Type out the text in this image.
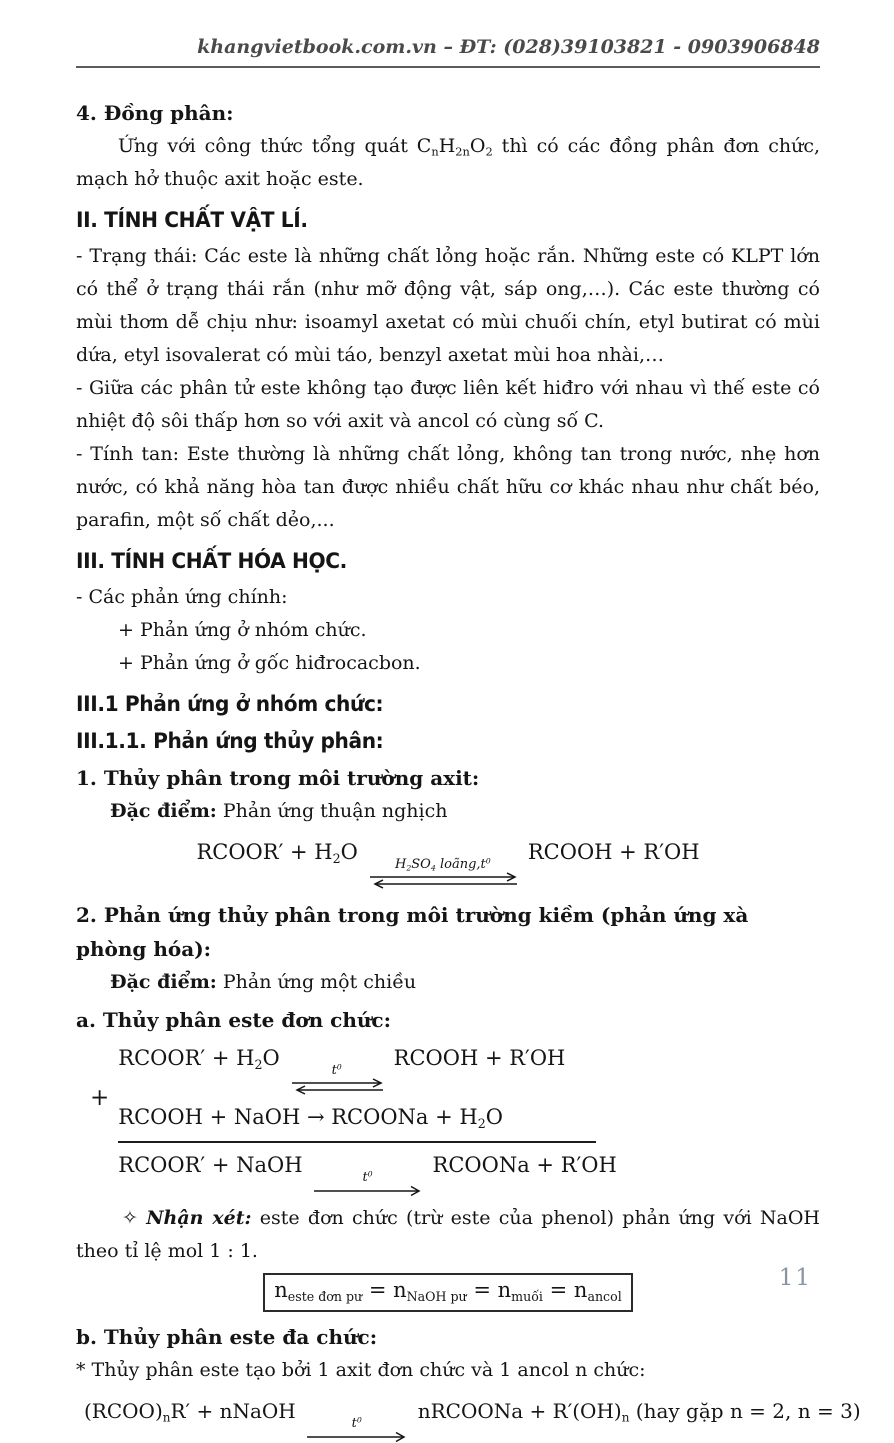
khangvietbook.com.vn – ĐT: (028)39103821 - 0903906848
4. Đồng phân:

Ứng với công thức tổng quát $C_nH_{2n}O_2$ thì có các đồng phân đơn chức, mạch hở thuộc axit hoặc este.

II. TÍNH CHẤT VẬT LÍ.

- Trạng thái: Các este là những chất lỏng hoặc rắn. Những este có KLPT lớn có thể ở trạng thái rắn (như mỡ động vật, sáp ong,…). Các este thường có mùi thơm dễ chịu như: isoamyl axetat có mùi chuối chín, etyl butirat có mùi dứa, etyl isovalerat có mùi táo, benzyl axetat mùi hoa nhài,…

- Giữa các phân tử este không tạo được liên kết hiđro với nhau vì thế este có nhiệt độ sôi thấp hơn so với axit và ancol có cùng số C.

- Tính tan: Este thường là những chất lỏng, không tan trong nước, nhẹ hơn nước, có khả năng hòa tan được nhiều chất hữu cơ khác nhau như chất béo, parafin, một số chất dẻo,...

III. TÍNH CHẤT HÓA HỌC.

- Các phản ứng chính:

+ Phản ứng ở nhóm chức.

+ Phản ứng ở gốc hiđrocacbon.

III.1 Phản ứng ở nhóm chức:
III.1.1. Phản ứng thủy phân:
1. Thủy phân trong môi trường axit:

Đặc điểm: Phản ứng thuận nghịch

RCOOR′ + $H_2O$
$H_2SO_4$ $loãng,t^0$ RCOOH + R′OH
2. Phản ứng thủy phân trong môi trường kiềm (phản ứng xà phòng hóa):

Đặc điểm: Phản ứng một chiều

a. Thủy phân este đơn chức:
+
RCOOR′ + $H_2O$
$t^0$ RCOOH + R′OH
RCOOH + NaOH → RCOONa + $H_2O$
RCOOR′ + NaOH
$t^0$	RCOONa + R′OH

✧ Nhận xét: este đơn chức (trừ este của phenol) phản ứng với NaOH theo tỉ lệ mol 1 : 1.

$n_{este đơn pư} = n_{NaOH pư} = n_{muối} = n_{ancol}$
b. Thủy phân este đa chức:

* Thủy phân este tạo bởi 1 axit đơn chức và 1 ancol n chức:

$(RCOO)_nR'$ + nNaOH
$t^0$	nRCOONa + $R'(OH)_n$ (hay gặp n = 2, n = 3)
11
